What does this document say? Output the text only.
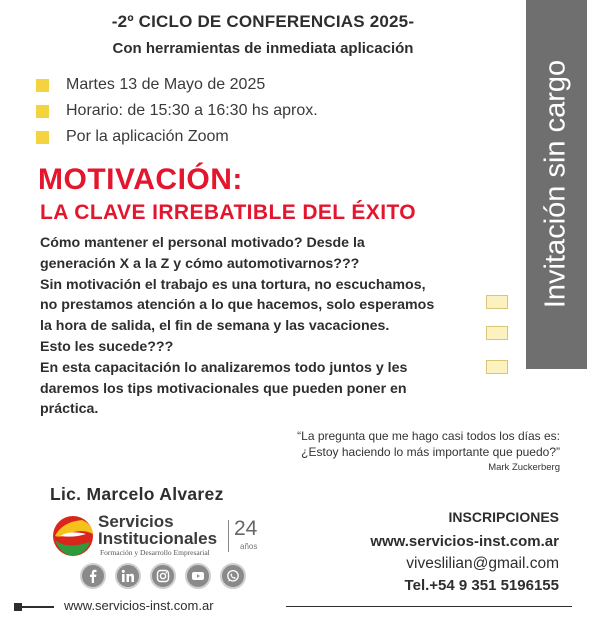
-2º CICLO DE CONFERENCIAS 2025-
Con herramientas de inmediata aplicación
Invitación sin cargo
Martes 13 de Mayo de 2025
Horario: de 15:30 a 16:30 hs aprox.
Por la aplicación Zoom
MOTIVACIÓN:
LA CLAVE IRREBATIBLE DEL ÉXITO

Cómo mantener el personal motivado? Desde la

generación X a la Z y cómo automotivarnos???

Sin motivación el trabajo es una tortura, no escuchamos,

no prestamos atención a lo que hacemos, solo esperamos

la hora de salida, el fin de semana y las vacaciones.

Esto les sucede???

En esta capacitación lo analizaremos todo juntos y les

daremos los tips motivacionales que pueden poner en

práctica.

“La pregunta que me hago casi todos los días es:
¿Estoy haciendo lo más importante que puedo?”
Mark Zuckerberg
Lic. Marcelo Alvarez
Servicios
Institucionales
Formación y Desarrollo Empresarial
24
años
INSCRIPCIONES
www.servicios-inst.com.ar
viveslilian@gmail.com
Tel.+54 9 351 5196155
www.servicios-inst.com.ar
